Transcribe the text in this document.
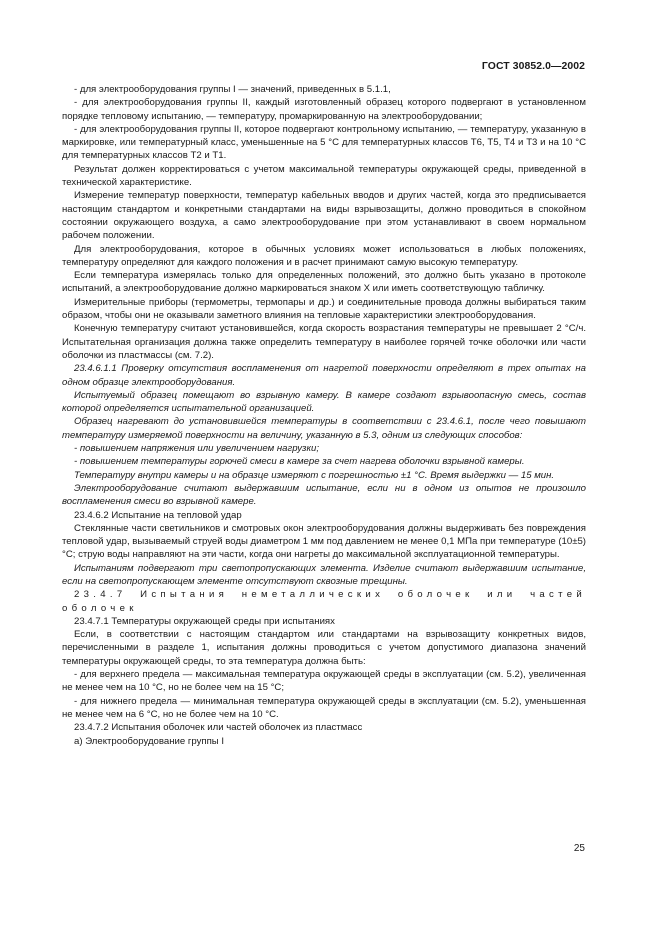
ГОСТ 30852.0—2002

- для электрооборудования группы I — значений, приведенных в 5.1.1,

- для электрооборудования группы II, каждый изготовленный образец которого подвергают в установленном порядке тепловому испытанию, — температуру, промаркированную на электрооборудовании;

- для электрооборудования группы II, которое подвергают контрольному испытанию, — температуру, указанную в маркировке, или температурный класс, уменьшенные на 5 °С для температурных классов Т6, Т5, Т4 и Т3 и на 10 °С для температурных классов Т2 и Т1.

Результат должен корректироваться с учетом максимальной температуры окружающей среды, приведенной в технической характеристике.

Измерение температур поверхности, температур кабельных вводов и других частей, когда это предписывается настоящим стандартом и конкретными стандартами на виды взрывозащиты, должно проводиться в спокойном состоянии окружающего воздуха, а само электрооборудование при этом устанавливают в своем нормальном рабочем положении.

Для электрооборудования, которое в обычных условиях может использоваться в любых положениях, температуру определяют для каждого положения и в расчет принимают самую высокую температуру.

Если температура измерялась только для определенных положений, это должно быть указано в протоколе испытаний, а электрооборудование должно маркироваться знаком X или иметь соответствующую табличку.

Измерительные приборы (термометры, термопары и др.) и соединительные провода должны выбираться таким образом, чтобы они не оказывали заметного влияния на тепловые характеристики электрооборудования.

Конечную температуру считают установившейся, когда скорость возрастания температуры не превышает 2 °С/ч. Испытательная организация должна также определить температуру в наиболее горячей точке оболочки или части оболочки из пластмассы (см. 7.2).

23.4.6.1.1 Проверку отсутствия воспламенения от нагретой поверхности определяют в трех опытах на одном образце электрооборудования.

Испытуемый образец помещают во взрывную камеру. В камере создают взрывоопасную смесь, состав которой определяется испытательной организацией.

Образец нагревают до установившейся температуры в соответствии с 23.4.6.1, после чего повышают температуру измеряемой поверхности на величину, указанную в 5.3, одним из следующих способов:

- повышением напряжения или увеличением нагрузки;

- повышением температуры горючей смеси в камере за счет нагрева оболочки взрывной камеры.

Температуру внутри камеры и на образце измеряют с погрешностью ±1 °С. Время выдержки — 15 мин.

Электрооборудование считают выдержавшим испытание, если ни в одном из опытов не произошло воспламенения смеси во взрывной камере.

23.4.6.2 Испытание на тепловой удар

Стеклянные части светильников и смотровых окон электрооборудования должны выдерживать без повреждения тепловой удар, вызываемый струей воды диаметром 1 мм под давлением не менее 0,1 МПа при температуре (10±5) °С; струю воды направляют на эти части, когда они нагреты до максимальной эксплуатационной температуры.

Испытаниям подвергают три светопропускающих элемента. Изделие считают выдержавшим испытание, если на светопропускающем элементе отсутствуют сквозные трещины.

23.4.7 Испытания неметаллических оболочек или частей оболочек

23.4.7.1 Температуры окружающей среды при испытаниях

Если, в соответствии с настоящим стандартом или стандартами на взрывозащиту конкретных видов, перечисленными в разделе 1, испытания должны проводиться с учетом допустимого диапазона значений температуры окружающей среды, то эта температура должна быть:

- для верхнего предела — максимальная температура окружающей среды в эксплуатации (см. 5.2), увеличенная не менее чем на 10 °С, но не более чем на 15 °С;

- для нижнего предела — минимальная температура окружающей среды в эксплуатации (см. 5.2), уменьшенная не менее чем на 6 °С, но не более чем на 10 °С.

23.4.7.2 Испытания оболочек или частей оболочек из пластмасс

а) Электрооборудование группы I

25
